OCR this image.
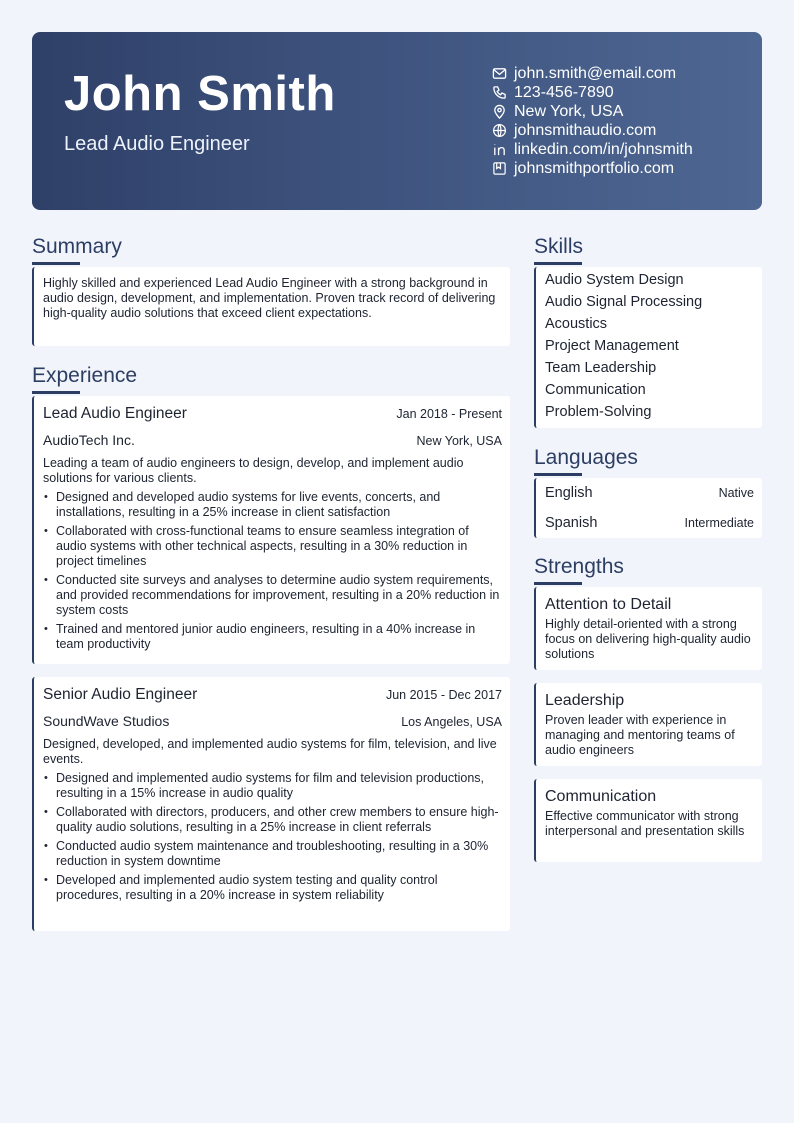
John Smith
Lead Audio Engineer
john.smith@email.com
123-456-7890
New York, USA
johnsmithaudio.com
linkedin.com/in/johnsmith
johnsmithportfolio.com
Summary
Highly skilled and experienced Lead Audio Engineer with a strong background in audio design, development, and implementation. Proven track record of delivering high-quality audio solutions that exceed client expectations.
Experience
Lead Audio Engineer	Jan 2018 - Present
AudioTech Inc.	New York, USA
Leading a team of audio engineers to design, develop, and implement audio solutions for various clients.
• Designed and developed audio systems for live events, concerts, and installations, resulting in a 25% increase in client satisfaction
• Collaborated with cross-functional teams to ensure seamless integration of audio systems with other technical aspects, resulting in a 30% reduction in project timelines
• Conducted site surveys and analyses to determine audio system requirements, and provided recommendations for improvement, resulting in a 20% reduction in system costs
• Trained and mentored junior audio engineers, resulting in a 40% increase in team productivity
Senior Audio Engineer	Jun 2015 - Dec 2017
SoundWave Studios	Los Angeles, USA
Designed, developed, and implemented audio systems for film, television, and live events.
• Designed and implemented audio systems for film and television productions, resulting in a 15% increase in audio quality
• Collaborated with directors, producers, and other crew members to ensure high-quality audio solutions, resulting in a 25% increase in client referrals
• Conducted audio system maintenance and troubleshooting, resulting in a 30% reduction in system downtime
• Developed and implemented audio system testing and quality control procedures, resulting in a 20% increase in system reliability
Skills
Audio System Design
Audio Signal Processing
Acoustics
Project Management
Team Leadership
Communication
Problem-Solving
Languages
English	Native
Spanish	Intermediate
Strengths
Attention to Detail
Highly detail-oriented with a strong focus on delivering high-quality audio solutions
Leadership
Proven leader with experience in managing and mentoring teams of audio engineers
Communication
Effective communicator with strong interpersonal and presentation skills
